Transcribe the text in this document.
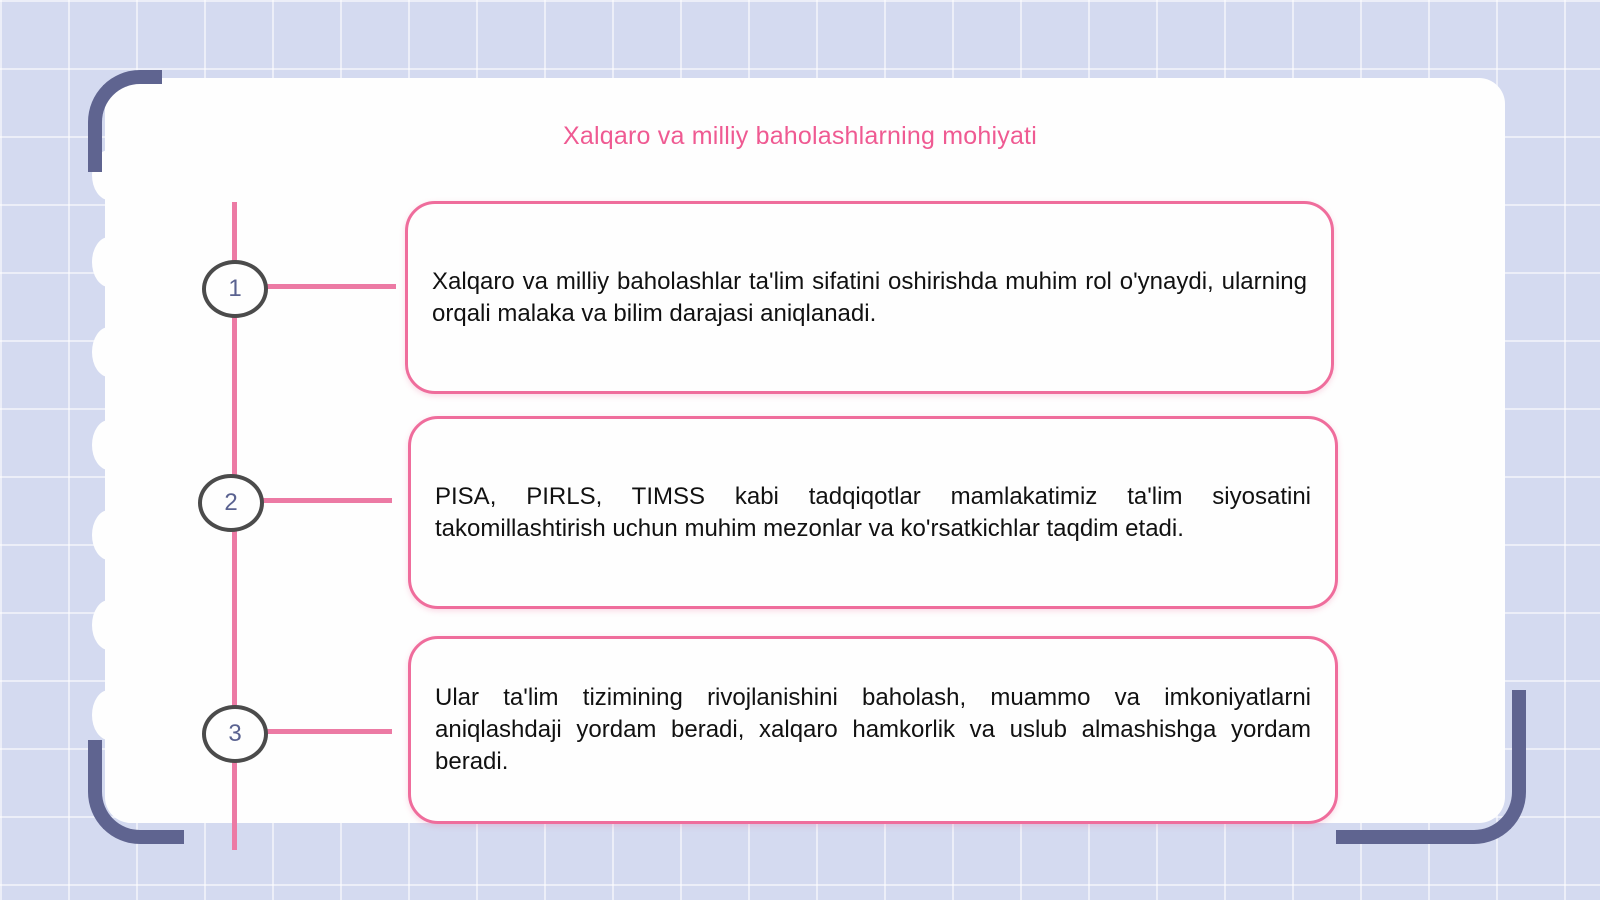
Xalqaro va milliy baholashlarning mohiyati
1
2
3

Xalqaro va milliy baholashlar ta'lim sifatini oshirishda muhim rol o'ynaydi, ularning orqali malaka va bilim darajasi aniqlanadi.

PISA, PIRLS, TIMSS kabi tadqiqotlar mamlakatimiz ta'lim siyosatini takomillashtirish uchun muhim mezonlar va ko'rsatkichlar taqdim etadi.

Ular ta'lim tizimining rivojlanishini baholash, muammo va imkoniyatlarni aniqlashdaji yordam beradi, xalqaro hamkorlik va uslub almashishga yordam beradi.
